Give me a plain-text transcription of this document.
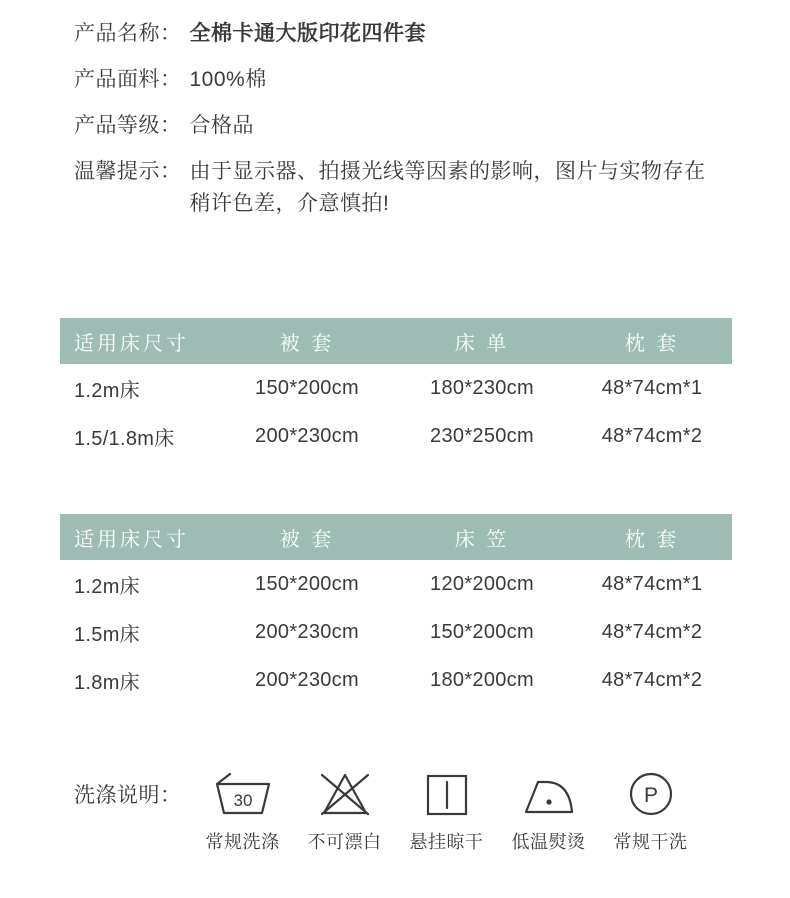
产品名称： 全棉卡通大版印花四件套
产品面料： 100%棉
产品等级： 合格品
温馨提示： 由于显示器、拍摄光线等因素的影响，图片与实物存在稍许色差，介意慎拍!
适用床尺寸	被 套	床 单	枕 套
1.2m床	150*200cm	180*230cm	48*74cm*1
1.5/1.8m床	200*230cm	230*250cm	48*74cm*2
适用床尺寸	被 套	床 笠	枕 套
1.2m床	150*200cm	120*200cm	48*74cm*1
1.5m床	200*230cm	150*200cm	48*74cm*2
1.8m床	200*230cm	180*200cm	48*74cm*2
洗涤说明：	30
常规洗涤 不可漂白 悬挂晾干 低温熨烫
P
常规干洗
